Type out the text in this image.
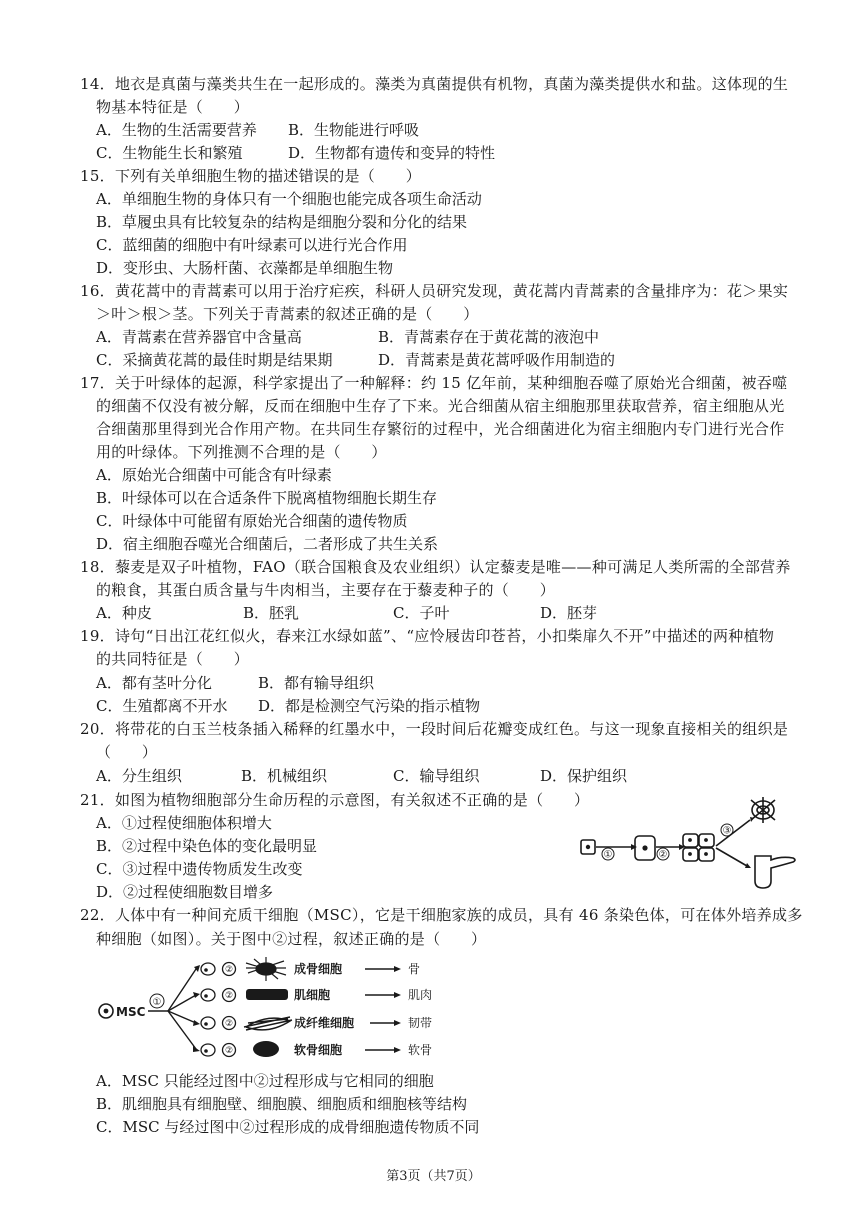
14．地衣是真菌与藻类共生在一起形成的。藻类为真菌提供有机物，真菌为藻类提供水和盐。这体现的生
物基本特征是（　　）
A．生物的生活需要营养 B．生物能进行呼吸
C．生物能生长和繁殖	D．生物都有遗传和变异的特性
15．下列有关单细胞生物的描述错误的是（　　）
A．单细胞生物的身体只有一个细胞也能完成各项生命活动
B．草履虫具有比较复杂的结构是细胞分裂和分化的结果
C．蓝细菌的细胞中有叶绿素可以进行光合作用
D．变形虫、大肠杆菌、衣藻都是单细胞生物
16．黄花蒿中的青蒿素可以用于治疗疟疾，科研人员研究发现，黄花蒿内青蒿素的含量排序为：花＞果实
＞叶＞根＞茎。下列关于青蒿素的叙述正确的是（　　）
A．青蒿素在营养器官中含量高	B．青蒿素存在于黄花蒿的液泡中
C．采摘黄花蒿的最佳时期是结果期	D．青蒿素是黄花蒿呼吸作用制造的
17．关于叶绿体的起源，科学家提出了一种解释：约 15 亿年前，某种细胞吞噬了原始光合细菌，被吞噬
的细菌不仅没有被分解，反而在细胞中生存了下来。光合细菌从宿主细胞那里获取营养，宿主细胞从光
合细菌那里得到光合作用产物。在共同生存繁衍的过程中，光合细菌进化为宿主细胞内专门进行光合作
用的叶绿体。下列推测不合理的是（　　）
A．原始光合细菌中可能含有叶绿素
B．叶绿体可以在合适条件下脱离植物细胞长期生存
C．叶绿体中可能留有原始光合细菌的遗传物质
D．宿主细胞吞噬光合细菌后，二者形成了共生关系
18．藜麦是双子叶植物，FAO（联合国粮食及农业组织）认定藜麦是唯——种可满足人类所需的全部营养
的粮食，其蛋白质含量与牛肉相当，主要存在于藜麦种子的（　　）
A．种皮	B．胚乳	C．子叶	D．胚芽
19．诗句“日出江花红似火，春来江水绿如蓝”、“应怜屐齿印苍苔，小扣柴扉久不开”中描述的两种植物
的共同特征是（　　）
A．都有茎叶分化	B．都有输导组织
C．生殖都离不开水 D．都是检测空气污染的指示植物
20．将带花的白玉兰枝条插入稀释的红墨水中，一段时间后花瓣变成红色。与这一现象直接相关的组织是
（　　）
A．分生组织	B．机械组织	C．输导组织	D．保护组织
21．如图为植物细胞部分生命历程的示意图，有关叙述不正确的是（　　）
A．①过程使细胞体积增大
B．②过程中染色体的变化最明显
C．③过程中遗传物质发生改变
D．②过程使细胞数目增多
①	②
③
22．人体中有一种间充质干细胞（MSC），它是干细胞家族的成员，具有 46 条染色体，可在体外培养成多
种细胞（如图）。关于图中②过程，叙述正确的是（　　）
MSC
①
②
②
②
②
成骨细胞
肌细胞
成纤维细胞
软骨细胞
骨
肌肉
韧带
软骨
A．MSC 只能经过图中②过程形成与它相同的细胞
B．肌细胞具有细胞壁、细胞膜、细胞质和细胞核等结构
C．MSC 与经过图中②过程形成的成骨细胞遗传物质不同
第3页（共7页）
